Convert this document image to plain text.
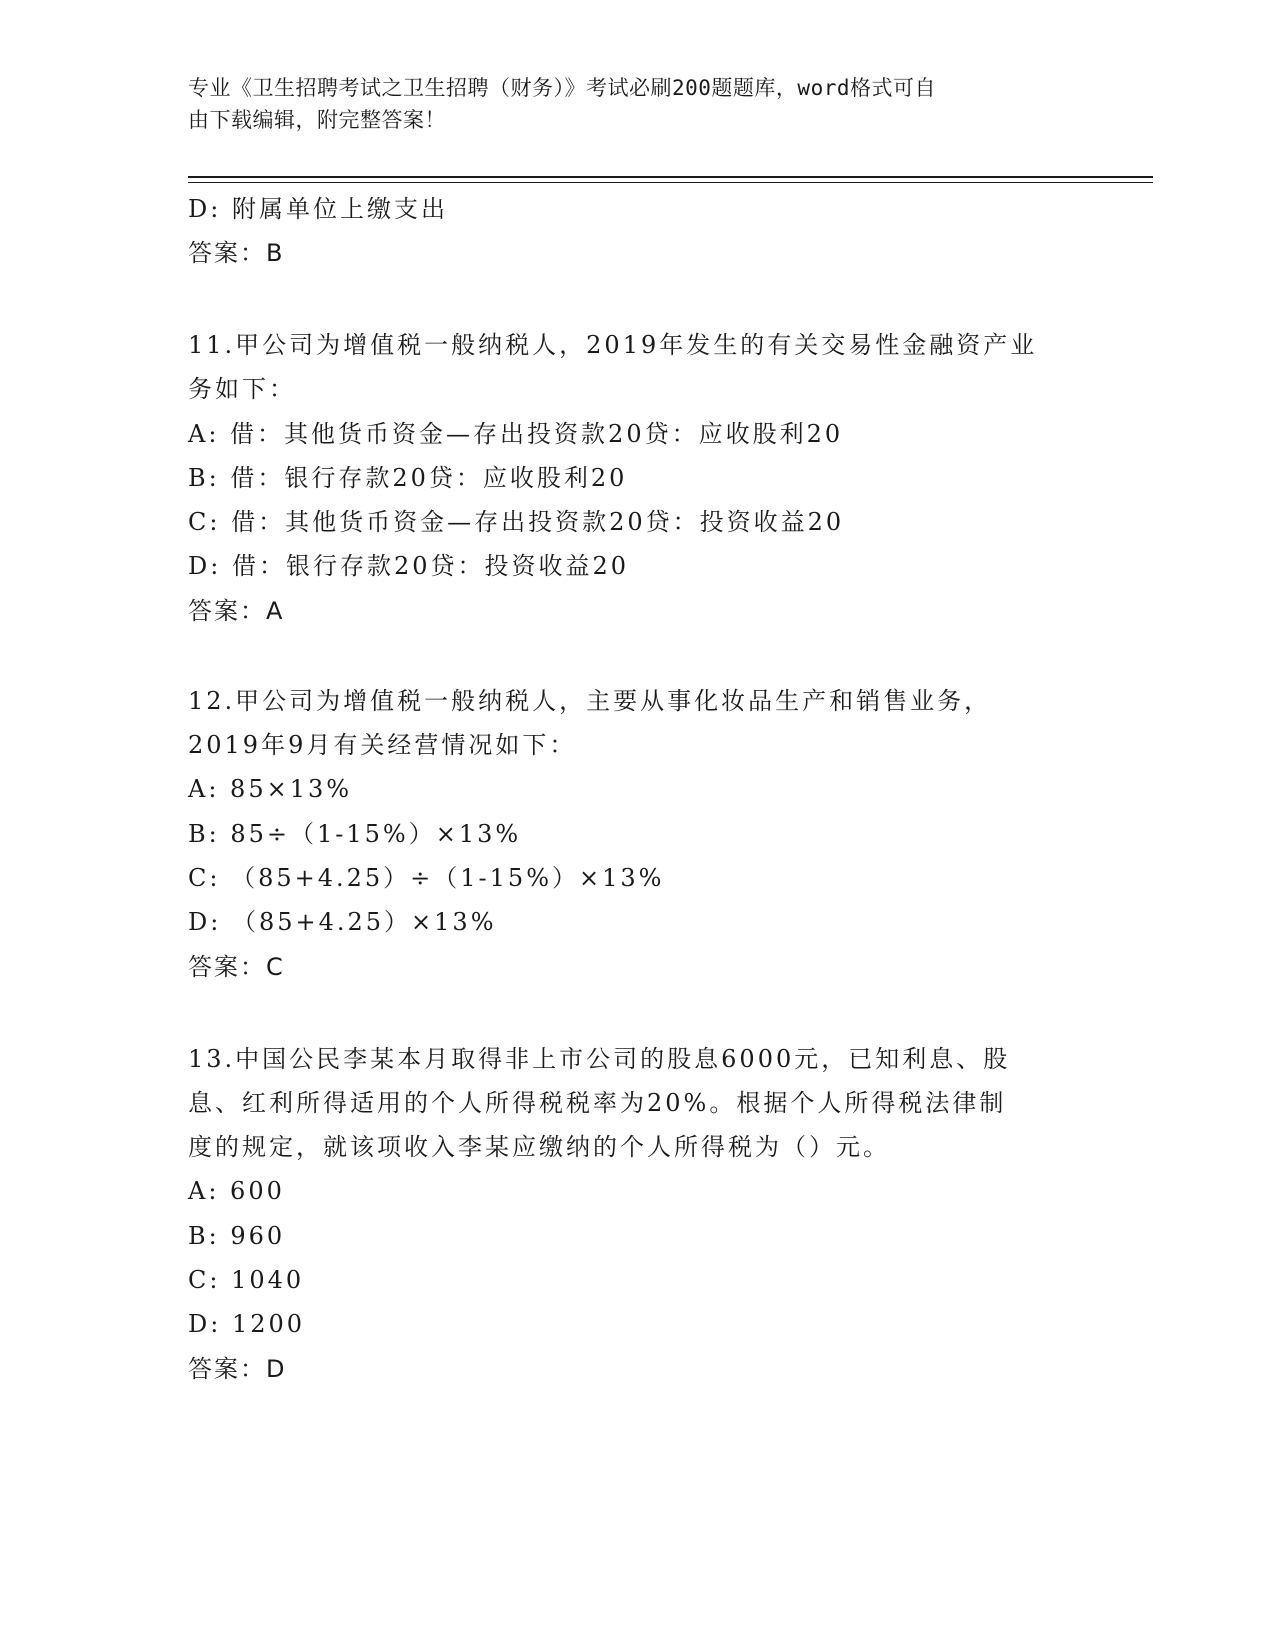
专业《卫生招聘考试之卫生招聘（财务）》考试必刷200题题库，word格式可自
由下载编辑，附完整答案！
D: 附属单位上缴支出
答案：B
11.甲公司为增值税一般纳税人，2019年发生的有关交易性金融资产业
务如下：
A: 借：其他货币资金—存出投资款20贷：应收股利20
B: 借：银行存款20贷：应收股利20
C: 借：其他货币资金—存出投资款20贷：投资收益20
D: 借：银行存款20贷：投资收益20
答案：A
12.甲公司为增值税一般纳税人，主要从事化妆品生产和销售业务，
2019年9月有关经营情况如下：
A: 85×13%
B: 85÷（1-15%）×13%
C: （85+4.25）÷（1-15%）×13%
D: （85+4.25）×13%
答案：C
13.中国公民李某本月取得非上市公司的股息6000元，已知利息、股
息、红利所得适用的个人所得税税率为20%。根据个人所得税法律制
度的规定，就该项收入李某应缴纳的个人所得税为（）元。
A: 600
B: 960
C: 1040
D: 1200
答案：D
